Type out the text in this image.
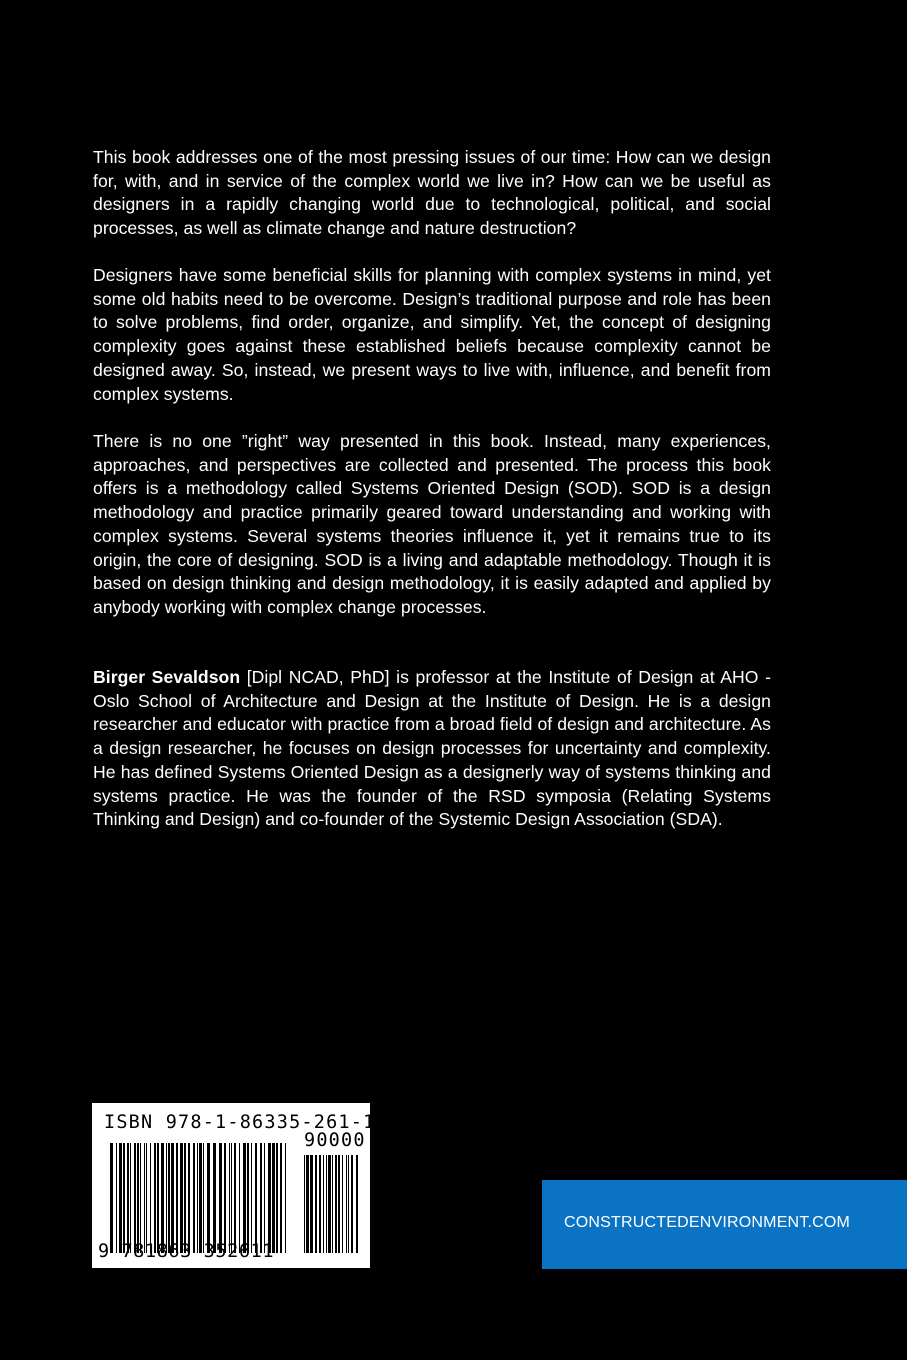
This book addresses one of the most pressing issues of our time: How can we design for, with, and in service of the complex world we live in? How can we be useful as designers in a rapidly changing world due to technological, political, and social processes, as well as climate change and nature destruction?

Designers have some beneficial skills for planning with complex systems in mind, yet some old habits need to be overcome. Design’s traditional purpose and role has been to solve problems, find order, organize, and simplify. Yet, the concept of designing complexity goes against these established beliefs because complexity cannot be designed away. So, instead, we present ways to live with, influence, and benefit from complex systems.

There is no one ”right” way presented in this book. Instead, many experiences, approaches, and perspectives are collected and presented. The process this book offers is a methodology called Systems Oriented Design (SOD). SOD is a design methodology and practice primarily geared toward understanding and working with complex systems. Several systems theories influence it, yet it remains true to its origin, the core of designing. SOD is a living and adaptable methodology. Though it is based on design thinking and design methodology, it is easily adapted and applied by anybody working with complex change processes.

Birger Sevaldson [Dipl NCAD, PhD] is professor at the Institute of Design at AHO - Oslo School of Architecture and Design at the Institute of Design. He is a design researcher and educator with practice from a broad field of design and architecture. As a design researcher, he focuses on design processes for uncertainty and complexity. He has defined Systems Oriented Design as a designerly way of systems thinking and systems practice. He was the founder of the RSD symposia (Relating Systems Thinking and Design) and co-founder of the Systemic Design Association (SDA).

ISBN 978-1-86335-261-1
90000
9 781863 352611
CONSTRUCTEDENVIRONMENT.COM
